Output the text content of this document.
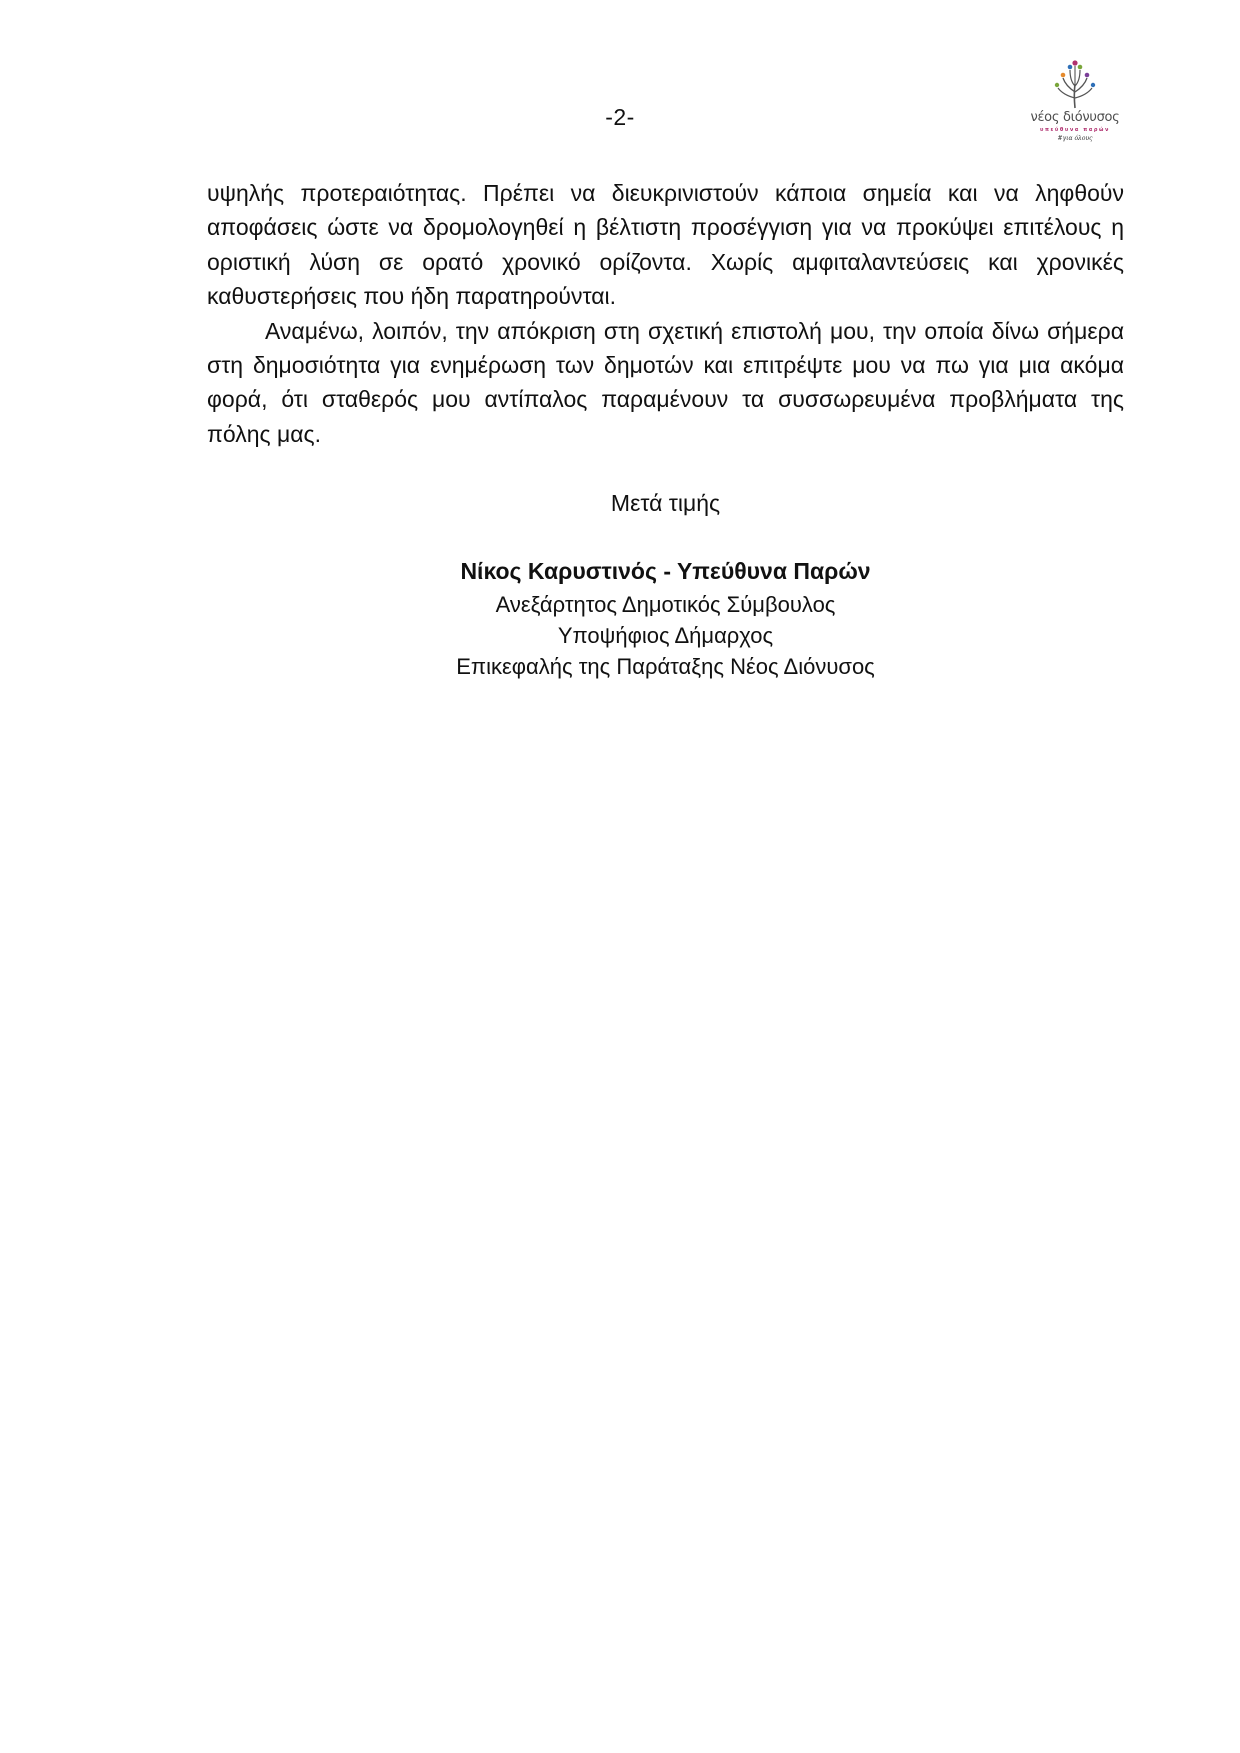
-2-	νέος διόνυσος
υπεύθυνα παρών
#για όλους

υψηλής προτεραιότητας. Πρέπει να διευκρινιστούν κάποια σημεία και να ληφθούν αποφάσεις ώστε να δρομολογηθεί η βέλτιστη προσέγγιση για να προκύψει επιτέλους η οριστική λύση σε ορατό χρονικό ορίζοντα. Χωρίς αμφιταλαντεύσεις και χρονικές καθυστερήσεις που ήδη παρατηρούνται.

Αναμένω, λοιπόν, την απόκριση στη σχετική επιστολή μου, την οποία δίνω σήμερα στη δημοσιότητα για ενημέρωση των δημοτών και επιτρέψτε μου να πω για μια ακόμα φορά, ότι σταθερός μου αντίπαλος παραμένουν τα συσσωρευμένα προβλήματα της πόλης μας.

Μετά τιμής
Νίκος Καρυστινός - Υπεύθυνα Παρών
Ανεξάρτητος Δημοτικός Σύμβουλος
Υποψήφιος Δήμαρχος
Επικεφαλής της Παράταξης Νέος Διόνυσος
